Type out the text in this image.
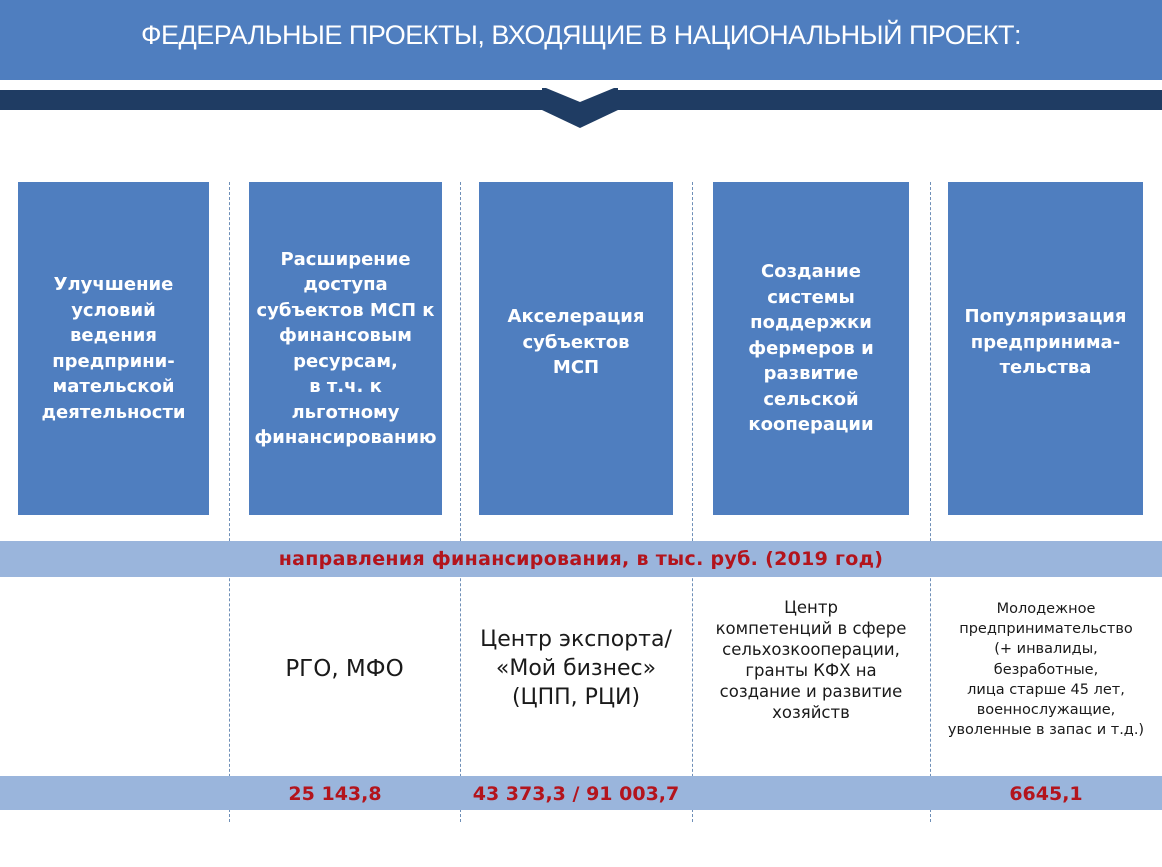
ФЕДЕРАЛЬНЫЕ ПРОЕКТЫ, ВХОДЯЩИЕ В НАЦИОНАЛЬНЫЙ ПРОЕКТ:
Улучшение
условий
ведения
предприни-
мательской
деятельности
Расширение
доступа
субъектов МСП к
финансовым
ресурсам,
в т.ч. к льготному
финансированию
Акселерация
субъектов
МСП
Создание
системы
поддержки
фермеров и
развитие
сельской
кооперации
Популяризация
предпринима-
тельства
направления финансирования, в тыс. руб. (2019 год)
РГО, МФО
Центр экспорта/
«Мой бизнес»
(ЦПП, РЦИ)
Центр
компетенций в сфере
сельхозкооперации,
гранты КФХ на
создание и развитие
хозяйств
Молодежное
предпринимательство
(+ инвалиды,
безработные,
лица старше 45 лет,
военнослужащие,
уволенные в запас и т.д.)
25 143,8	43 373,3 / 91 003,7	6645,1
